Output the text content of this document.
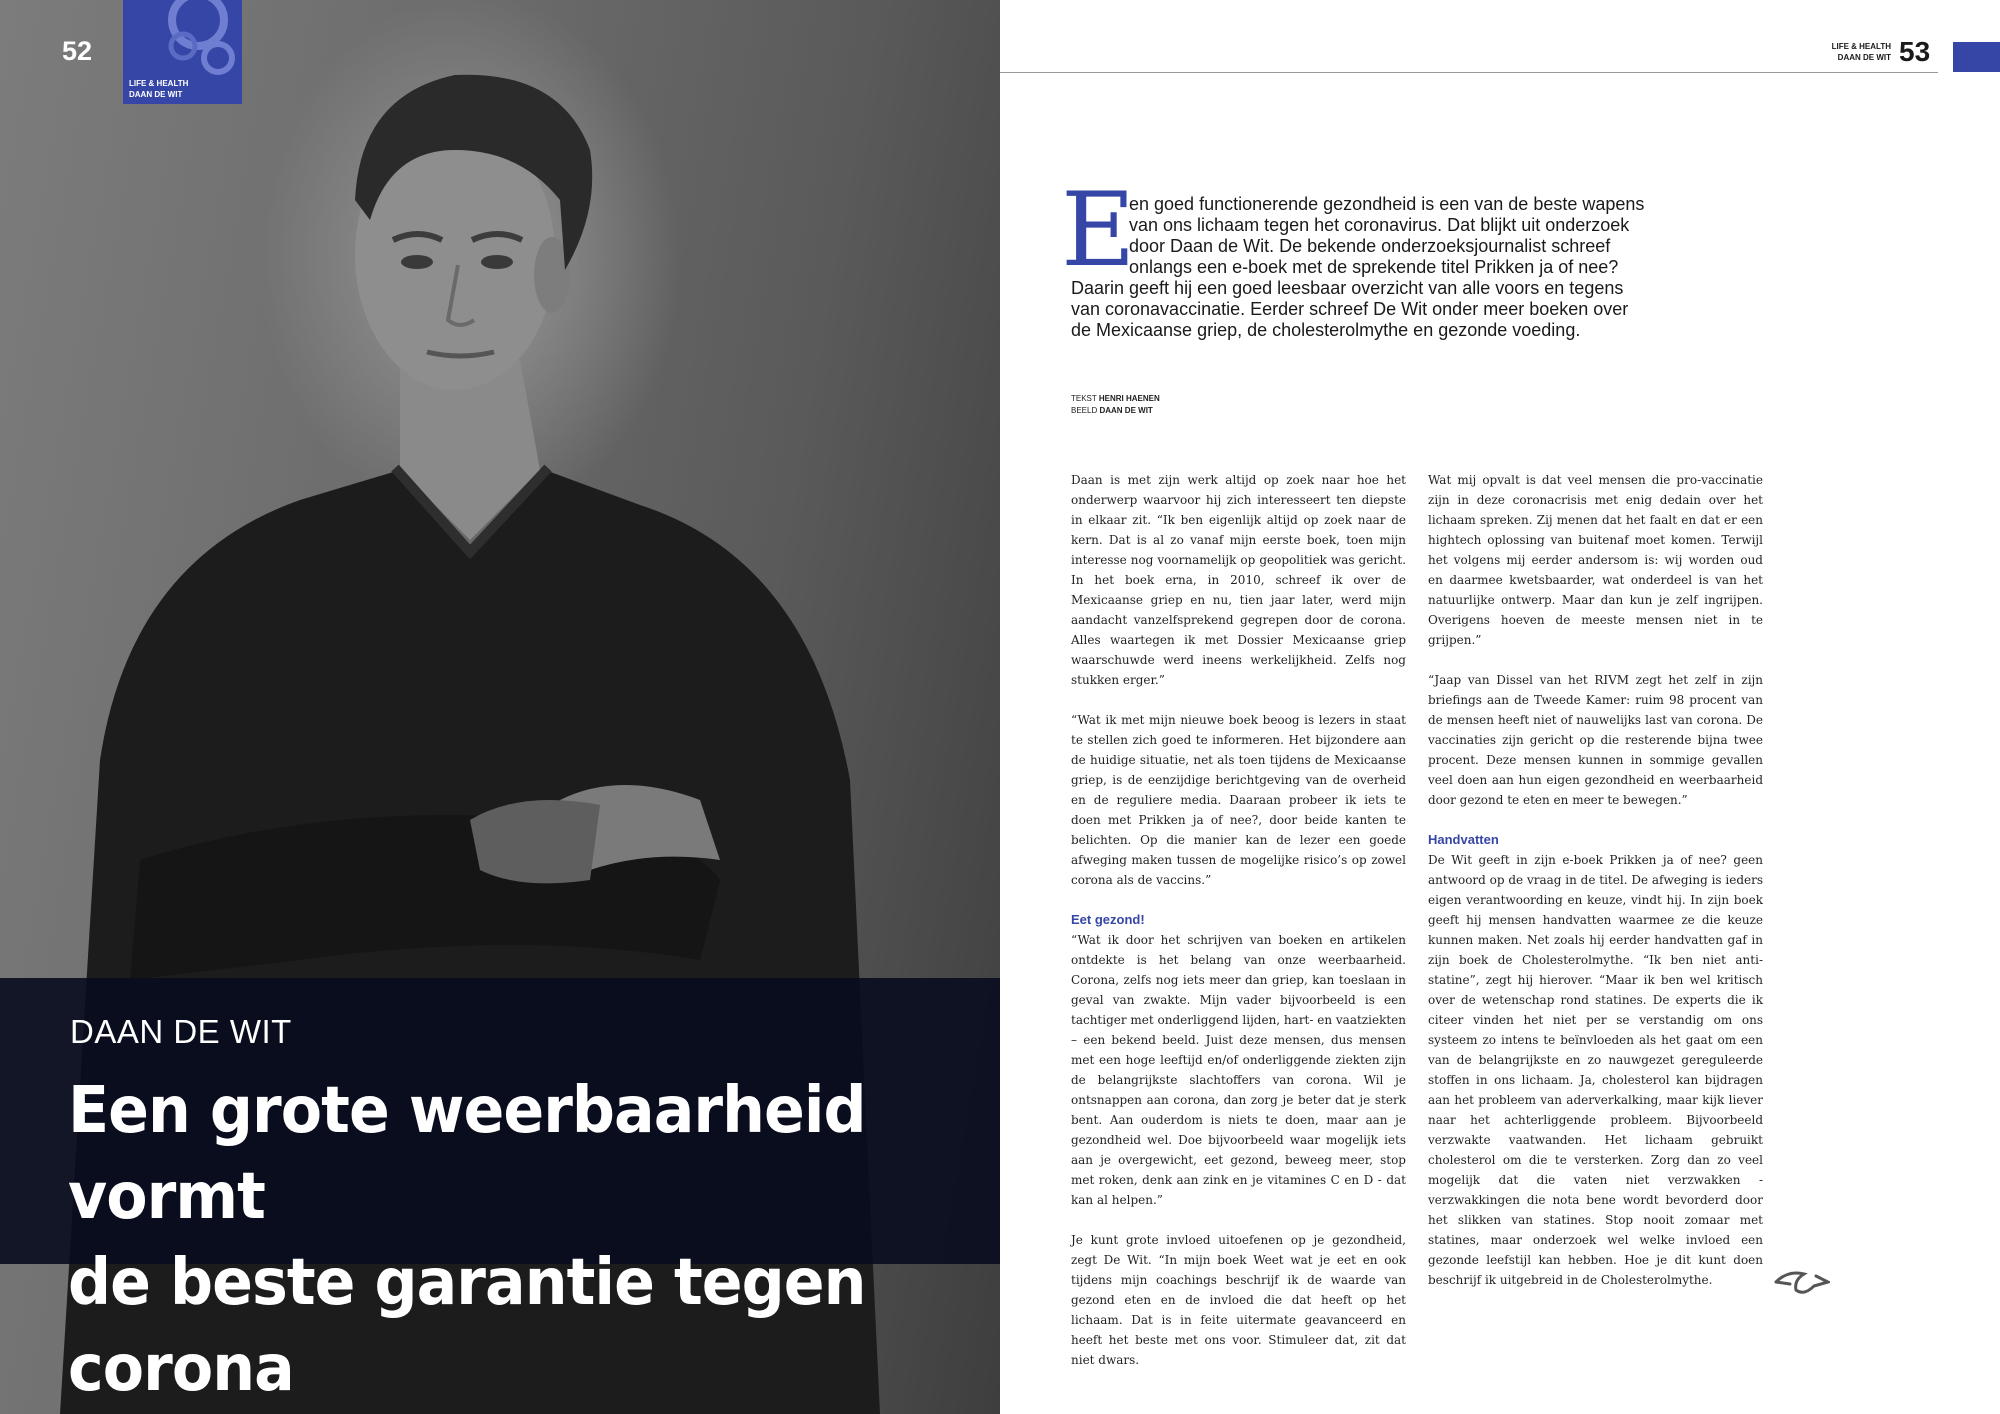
52
LIFE & HEALTH
DAAN DE WIT
DAAN DE WIT
Een grote weerbaarheid vormt
de beste garantie tegen corona
LIFE & HEALTH
DAAN DE WIT 53
E
en goed functionerende gezondheid is een van de beste wapens
van ons lichaam tegen het coronavirus. Dat blijkt uit onderzoek
door Daan de Wit. De bekende onderzoeksjournalist schreef
onlangs een e-boek met de sprekende titel Prikken ja of nee?
Daarin geeft hij een goed leesbaar overzicht van alle voors en tegens
van coronavaccinatie. Eerder schreef De Wit onder meer boeken over
de Mexicaanse griep, de cholesterolmythe en gezonde voeding.
TEKST HENRI HAENEN
BEELD DAAN DE WIT

Daan is met zijn werk altijd op zoek naar hoe het onderwerp waarvoor hij zich interesseert ten diepste in elkaar zit. “Ik ben eigenlijk altijd op zoek naar de kern. Dat is al zo vanaf mijn eerste boek, toen mijn interesse nog voornamelijk op geopolitiek was gericht. In het boek erna, in 2010, schreef ik over de Mexicaanse griep en nu, tien jaar later, werd mijn aandacht vanzelfsprekend gegrepen door de corona. Alles waartegen ik met Dossier Mexicaanse griep waarschuwde werd ineens werkelijkheid. Zelfs nog stukken erger.”

“Wat ik met mijn nieuwe boek beoog is lezers in staat te stellen zich goed te informeren. Het bijzondere aan de huidige situatie, net als toen tijdens de Mexicaanse griep, is de eenzijdige berichtgeving van de overheid en de reguliere media. Daaraan probeer ik iets te doen met Prikken ja of nee?, door beide kanten te belichten. Op die manier kan de lezer een goede afweging maken tussen de mogelijke risico’s op zowel corona als de vaccins.”

Eet gezond!

“Wat ik door het schrijven van boeken en artikelen ontdekte is het belang van onze weerbaarheid. Corona, zelfs nog iets meer dan griep, kan toeslaan in geval van zwakte. Mijn vader bijvoorbeeld is een tachtiger met onderliggend lijden, hart- en vaatziekten – een bekend beeld. Juist deze mensen, dus mensen met een hoge leeftijd en/of onderliggende ziekten zijn de belangrijkste slachtoffers van corona. Wil je ontsnappen aan corona, dan zorg je beter dat je sterk bent. Aan ouderdom is niets te doen, maar aan je gezondheid wel. Doe bijvoorbeeld waar mogelijk iets aan je overgewicht, eet gezond, beweeg meer, stop met roken, denk aan zink en je vitamines C en D - dat kan al helpen.”

Je kunt grote invloed uitoefenen op je gezondheid, zegt De Wit. “In mijn boek Weet wat je eet en ook tijdens mijn coachings beschrijf ik de waarde van gezond eten en de invloed die dat heeft op het lichaam. Dat is in feite uitermate geavanceerd en heeft het beste met ons voor. Stimuleer dat, zit dat niet dwars.

Wat mij opvalt is dat veel mensen die pro-vaccinatie zijn in deze coronacrisis met enig dedain over het lichaam spreken. Zij menen dat het faalt en dat er een hightech oplossing van buitenaf moet komen. Terwijl het volgens mij eerder andersom is: wij worden oud en daarmee kwetsbaarder, wat onderdeel is van het natuurlijke ontwerp. Maar dan kun je zelf ingrijpen. Overigens hoeven de meeste mensen niet in te grijpen.”

“Jaap van Dissel van het RIVM zegt het zelf in zijn briefings aan de Tweede Kamer: ruim 98 procent van de mensen heeft niet of nauwelijks last van corona. De vaccinaties zijn gericht op die resterende bijna twee procent. Deze mensen kunnen in sommige gevallen veel doen aan hun eigen gezondheid en weerbaarheid door gezond te eten en meer te bewegen.”

Handvatten

De Wit geeft in zijn e-boek Prikken ja of nee? geen antwoord op de vraag in de titel. De afweging is ieders eigen verantwoording en keuze, vindt hij. In zijn boek geeft hij mensen handvatten waarmee ze die keuze kunnen maken. Net zoals hij eerder handvatten gaf in zijn boek de Cholesterolmythe. “Ik ben niet anti-statine”, zegt hij hierover. “Maar ik ben wel kritisch over de wetenschap rond statines. De experts die ik citeer vinden het niet per se verstandig om ons systeem zo intens te beïnvloeden als het gaat om een van de belangrijkste en zo nauwgezet gereguleerde stoffen in ons lichaam. Ja, cholesterol kan bijdragen aan het probleem van aderverkalking, maar kijk liever naar het achterliggende probleem. Bijvoorbeeld verzwakte vaatwanden. Het lichaam gebruikt cholesterol om die te versterken. Zorg dan zo veel mogelijk dat die vaten niet verzwakken - verzwakkingen die nota bene wordt bevorderd door het slikken van statines. Stop nooit zomaar met statines, maar onderzoek wel welke invloed een gezonde leefstijl kan hebben. Hoe je dit kunt doen beschrijf ik uitgebreid in de Cholesterolmythe.
